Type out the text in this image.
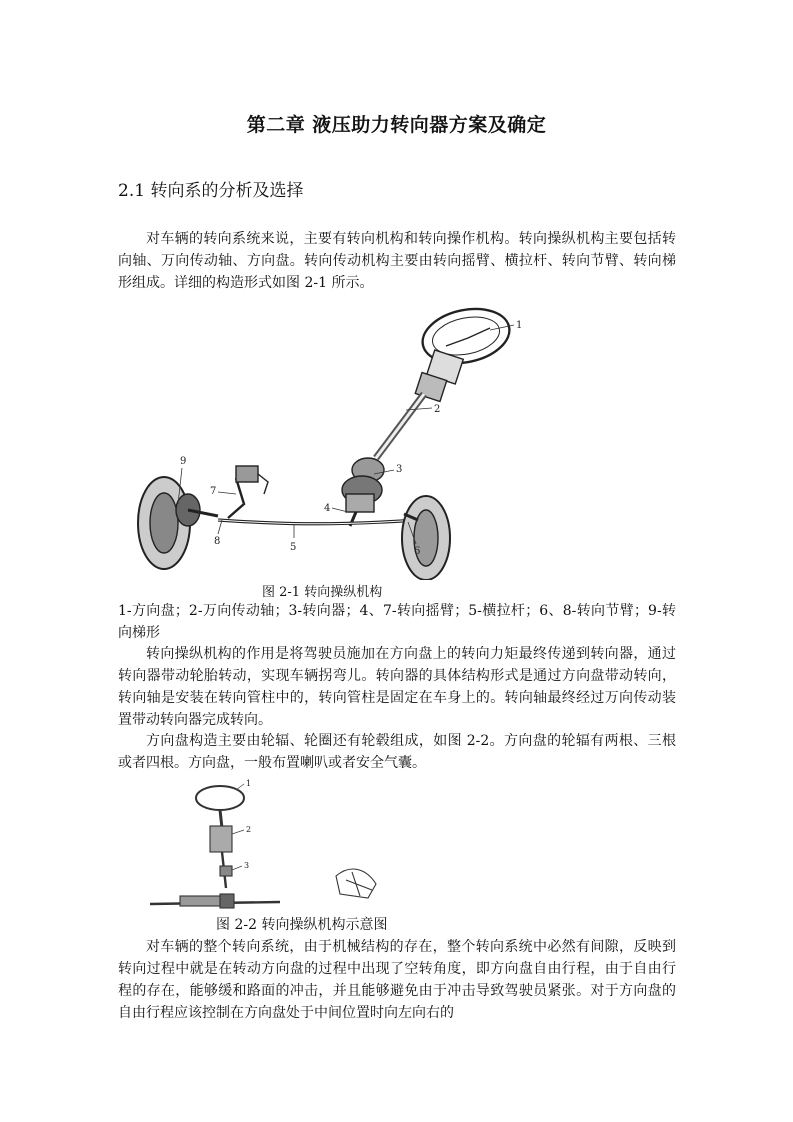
第二章 液压助力转向器方案及确定
2.1 转向系的分析及选择

对车辆的转向系统来说，主要有转向机构和转向操作机构。转向操纵机构主要包括转向轴、万向传动轴、方向盘。转向传动机构主要由转向摇臂、横拉杆、转向节臂、转向梯形组成。详细的构造形式如图 2-1 所示。

1
2
3
4
5	6
7
8
9
图 2-1 转向操纵机构

1-方向盘；2-万向传动轴；3-转向器；4、7-转向摇臂；5-横拉杆；6、8-转向节臂；9-转向梯形

转向操纵机构的作用是将驾驶员施加在方向盘上的转向力矩最终传递到转向器，通过转向器带动轮胎转动，实现车辆拐弯儿。转向器的具体结构形式是通过方向盘带动转向，转向轴是安装在转向管柱中的，转向管柱是固定在车身上的。转向轴最终经过万向传动装置带动转向器完成转向。

方向盘构造主要由轮辐、轮圈还有轮毂组成，如图 2-2。方向盘的轮辐有两根、三根或者四根。方向盘，一般布置喇叭或者安全气囊。

1
2
3
图 2-2 转向操纵机构示意图

对车辆的整个转向系统，由于机械结构的存在，整个转向系统中必然有间隙，反映到转向过程中就是在转动方向盘的过程中出现了空转角度，即方向盘自由行程，由于自由行程的存在，能够缓和路面的冲击，并且能够避免由于冲击导致驾驶员紧张。对于方向盘的自由行程应该控制在方向盘处于中间位置时向左向右的
